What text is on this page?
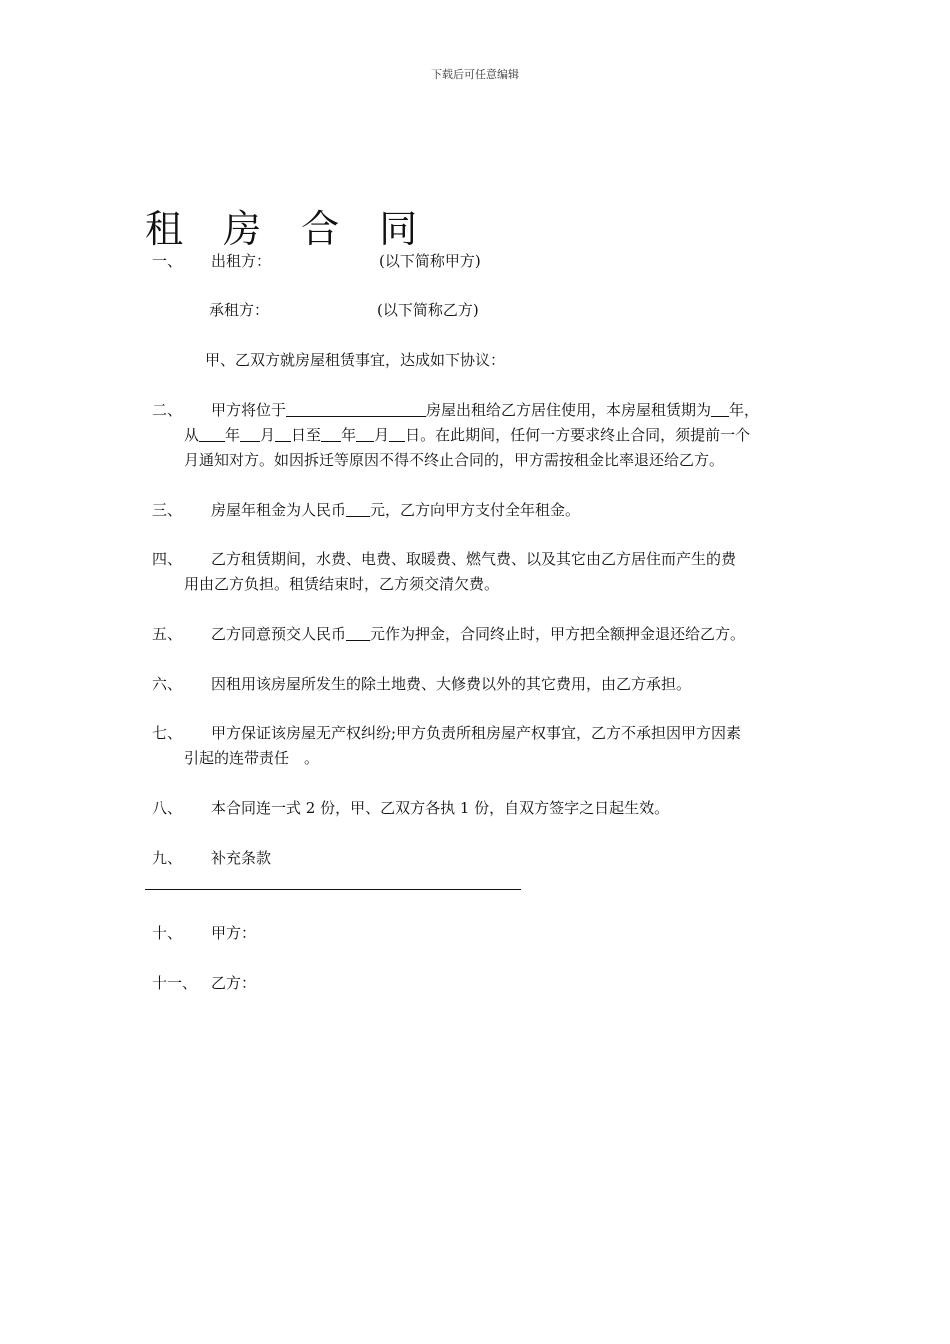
下载后可任意编辑
租 房 合 同
一、 出租方：	(以下简称甲方)
承租方：	(以下简称乙方)
甲、乙双方就房屋租赁事宜，达成如下协议：
二、	甲方将位于	房屋出租给乙方居住使用，本房屋租赁期为 年，
从 年 月 日至 年 月 日。在此期间，任何一方要求终止合同，须提前一个
月通知对方。如因拆迁等原因不得不终止合同的，甲方需按租金比率退还给乙方。
三、	房屋年租金为人民币 元，乙方向甲方支付全年租金。
四、	乙方租赁期间，水费、电费、取暖费、燃气费、以及其它由乙方居住而产生的费
用由乙方负担。租赁结束时，乙方须交清欠费。
五、	乙方同意预交人民币 元作为押金，合同终止时，甲方把全额押金退还给乙方。
六、	因租用该房屋所发生的除土地费、大修费以外的其它费用，由乙方承担。
七、	甲方保证该房屋无产权纠纷;甲方负责所租房屋产权事宜，乙方不承担因甲方因素
引起的连带责任　。
八、	本合同连一式 2 份，甲、乙双方各执 1 份，自双方签字之日起生效。
九、	补充条款
十、 甲方：
十一、 乙方：
